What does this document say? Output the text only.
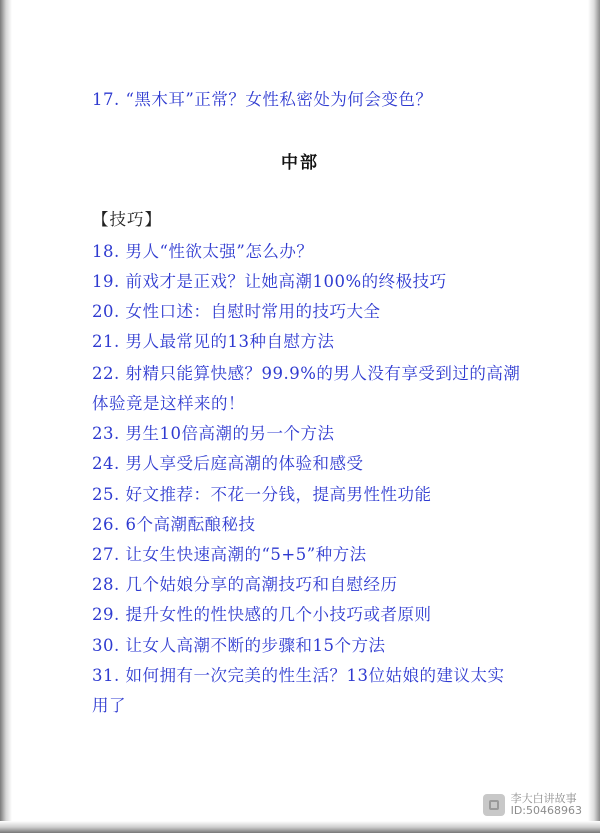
17. “黑木耳”正常？女性私密处为何会变色？
中部
【技巧】
18. 男人“性欲太强”怎么办？
19. 前戏才是正戏？让她高潮100%的终极技巧
20. 女性口述：自慰时常用的技巧大全
21. 男人最常见的13种自慰方法
22. 射精只能算快感？99.9%的男人没有享受到过的高潮
体验竟是这样来的！
23. 男生10倍高潮的另一个方法
24. 男人享受后庭高潮的体验和感受
25. 好文推荐：不花一分钱，提高男性性功能
26. 6个高潮酝酿秘技
27. 让女生快速高潮的“5+5”种方法
28. 几个姑娘分享的高潮技巧和自慰经历
29. 提升女性的性快感的几个小技巧或者原则
30. 让女人高潮不断的步骤和15个方法
31. 如何拥有一次完美的性生活？13位姑娘的建议太实
用了
李大白讲故事
ID:50468963
